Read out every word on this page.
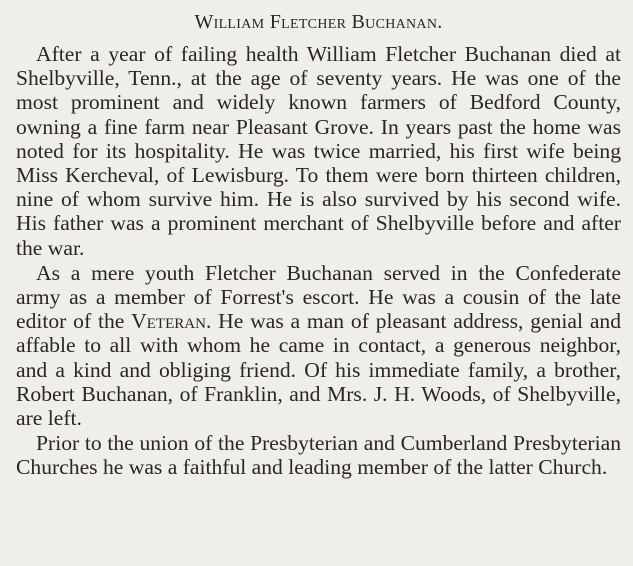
William Fletcher Buchanan.

After a year of failing health William Fletcher Buchanan died at Shelbyville, Tenn., at the age of seventy years. He was one of the most prominent and widely known farmers of Bedford County, owning a fine farm near Pleasant Grove. In years past the home was noted for its hospitality. He was twice married, his first wife being Miss Kercheval, of Lewisburg. To them were born thirteen children, nine of whom survive him. He is also survived by his second wife. His father was a prominent merchant of Shelbyville before and after the war.

As a mere youth Fletcher Buchanan served in the Confederate army as a member of Forrest's escort. He was a cousin of the late editor of the Veteran. He was a man of pleasant address, genial and affable to all with whom he came in contact, a generous neighbor, and a kind and obliging friend. Of his immediate family, a brother, Robert Buchanan, of Franklin, and Mrs. J. H. Woods, of Shelbyville, are left.

Prior to the union of the Presbyterian and Cumberland Presbyterian Churches he was a faithful and leading member of the latter Church.
